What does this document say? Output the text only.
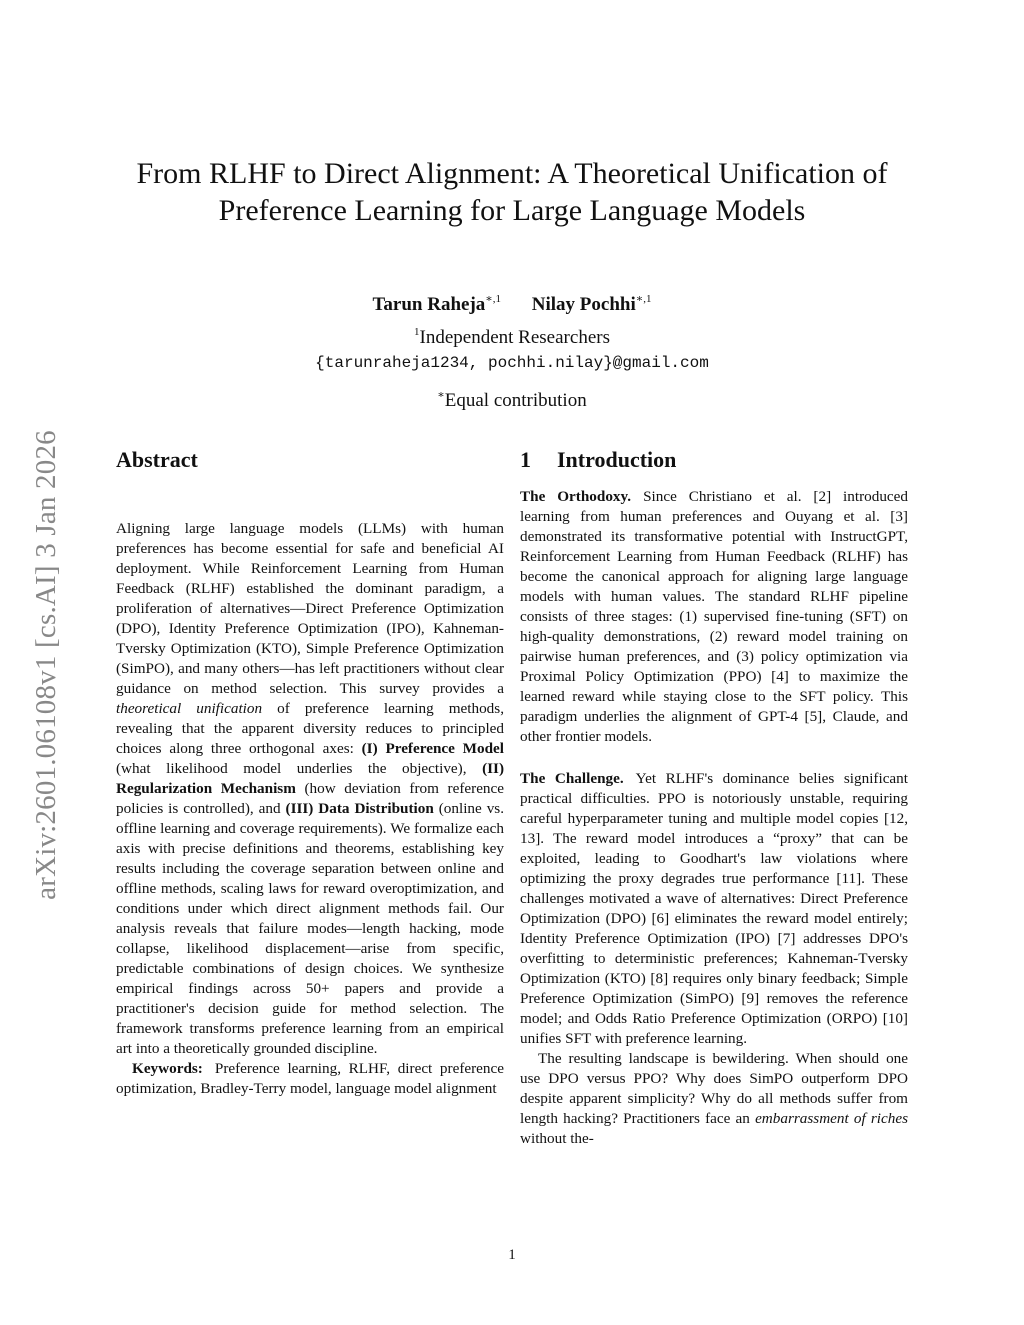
arXiv:2601.06108v1 [cs.AI] 3 Jan 2026
From RLHF to Direct Alignment: A Theoretical Unification of Preference Learning for Large Language Models
Tarun Raheja$^{∗,1}$ Nilay Pochhi$^{∗,1}$
$^1$Independent Researchers
{tarunraheja1234, pochhi.nilay}@gmail.com
∗Equal contribution
Abstract

Aligning large language models (LLMs) with human preferences has become essential for safe and beneficial AI deployment. While Reinforcement Learning from Human Feedback (RLHF) established the dominant paradigm, a proliferation of alternatives—Direct Preference Optimization (DPO), Identity Preference Optimization (IPO), Kahneman-Tversky Optimization (KTO), Simple Preference Optimization (SimPO), and many others—has left practitioners without clear guidance on method selection. This survey provides a theoretical unification of preference learning methods, revealing that the apparent diversity reduces to principled choices along three orthogonal axes: (I) Preference Model (what likelihood model underlies the objective), (II) Regularization Mechanism (how deviation from reference policies is controlled), and (III) Data Distribution (online vs. offline learning and coverage requirements). We formalize each axis with precise definitions and theorems, establishing key results including the coverage separation between online and offline methods, scaling laws for reward overoptimization, and conditions under which direct alignment methods fail. Our analysis reveals that failure modes—length hacking, mode collapse, likelihood displacement—arise from specific, predictable combinations of design choices. We synthesize empirical findings across 50+ papers and provide a practitioner's decision guide for method selection. The framework transforms preference learning from an empirical art into a theoretically grounded discipline.

Keywords: Preference learning, RLHF, direct preference optimization, Bradley-Terry model, language model alignment

1 Introduction

The Orthodoxy. Since Christiano et al. [2] introduced learning from human preferences and Ouyang et al. [3] demonstrated its transformative potential with InstructGPT, Reinforcement Learning from Human Feedback (RLHF) has become the canonical approach for aligning large language models with human values. The standard RLHF pipeline consists of three stages: (1) supervised fine-tuning (SFT) on high-quality demonstrations, (2) reward model training on pairwise human preferences, and (3) policy optimization via Proximal Policy Optimization (PPO) [4] to maximize the learned reward while staying close to the SFT policy. This paradigm underlies the alignment of GPT-4 [5], Claude, and other frontier models.

The Challenge. Yet RLHF's dominance belies significant practical difficulties. PPO is notoriously unstable, requiring careful hyperparameter tuning and multiple model copies [12, 13]. The reward model introduces a “proxy” that can be exploited, leading to Goodhart's law violations where optimizing the proxy degrades true performance [11]. These challenges motivated a wave of alternatives: Direct Preference Optimization (DPO) [6] eliminates the reward model entirely; Identity Preference Optimization (IPO) [7] addresses DPO's overfitting to deterministic preferences; Kahneman-Tversky Optimization (KTO) [8] requires only binary feedback; Simple Preference Optimization (SimPO) [9] removes the reference model; and Odds Ratio Preference Optimization (ORPO) [10] unifies SFT with preference learning.

The resulting landscape is bewildering. When should one use DPO versus PPO? Why does SimPO outperform DPO despite apparent simplicity? Why do all methods suffer from length hacking? Practitioners face an embarrassment of riches without the-

1
